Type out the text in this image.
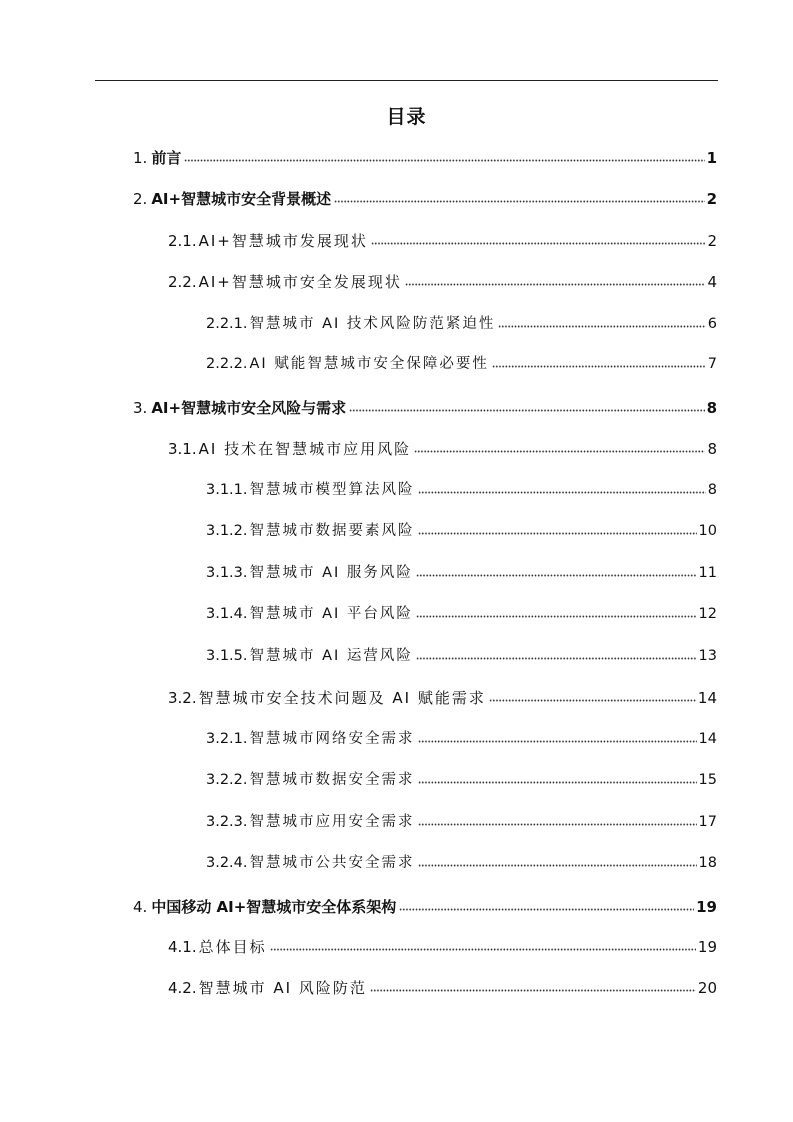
目录
1. 前言	1
2. AI+智慧城市安全背景概述	2
2.1. AI+智慧城市发展现状	2
2.2. AI+智慧城市安全发展现状	4
2.2.1. 智慧城市 AI 技术风险防范紧迫性	6
2.2.2. AI 赋能智慧城市安全保障必要性	7
3. AI+智慧城市安全风险与需求	8
3.1. AI 技术在智慧城市应用风险	8
3.1.1. 智慧城市模型算法风险	8
3.1.2. 智慧城市数据要素风险	10
3.1.3. 智慧城市 AI 服务风险	11
3.1.4. 智慧城市 AI 平台风险	12
3.1.5. 智慧城市 AI 运营风险	13
3.2. 智慧城市安全技术问题及 AI 赋能需求	14
3.2.1. 智慧城市网络安全需求	14
3.2.2. 智慧城市数据安全需求	15
3.2.3. 智慧城市应用安全需求	17
3.2.4. 智慧城市公共安全需求	18
4. 中国移动 AI+智慧城市安全体系架构	19
4.1. 总体目标	19
4.2. 智慧城市 AI 风险防范	20
